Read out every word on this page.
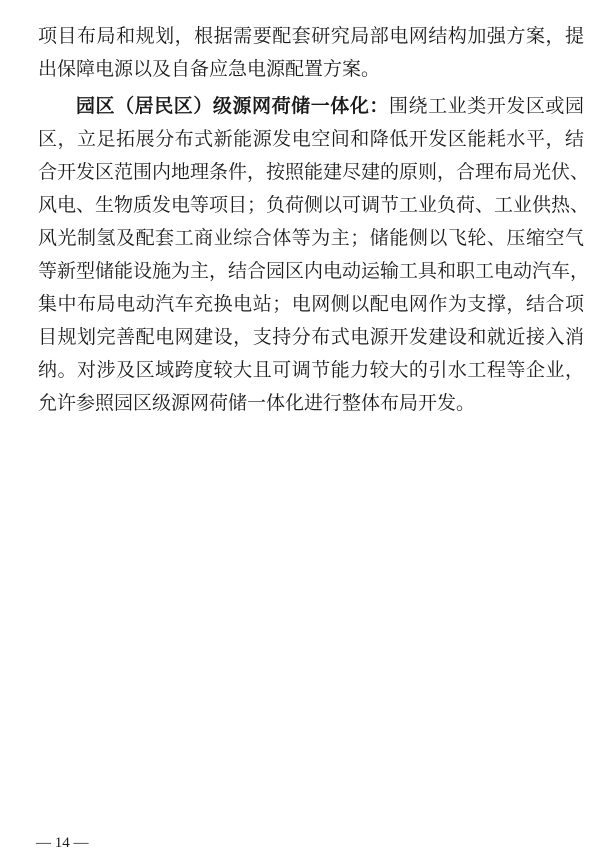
项目布局和规划，根据需要配套研究局部电网结构加强方案，提
出保障电源以及自备应急电源配置方案。
园区（居民区）级源网荷储一体化：围绕工业类开发区或园
区，立足拓展分布式新能源发电空间和降低开发区能耗水平，结
合开发区范围内地理条件，按照能建尽建的原则，合理布局光伏、
风电、生物质发电等项目；负荷侧以可调节工业负荷、工业供热、
风光制氢及配套工商业综合体等为主；储能侧以飞轮、压缩空气
等新型储能设施为主，结合园区内电动运输工具和职工电动汽车，
集中布局电动汽车充换电站；电网侧以配电网作为支撑，结合项
目规划完善配电网建设，支持分布式电源开发建设和就近接入消
纳。对涉及区域跨度较大且可调节能力较大的引水工程等企业，
允许参照园区级源网荷储一体化进行整体布局开发。
— 14 —
